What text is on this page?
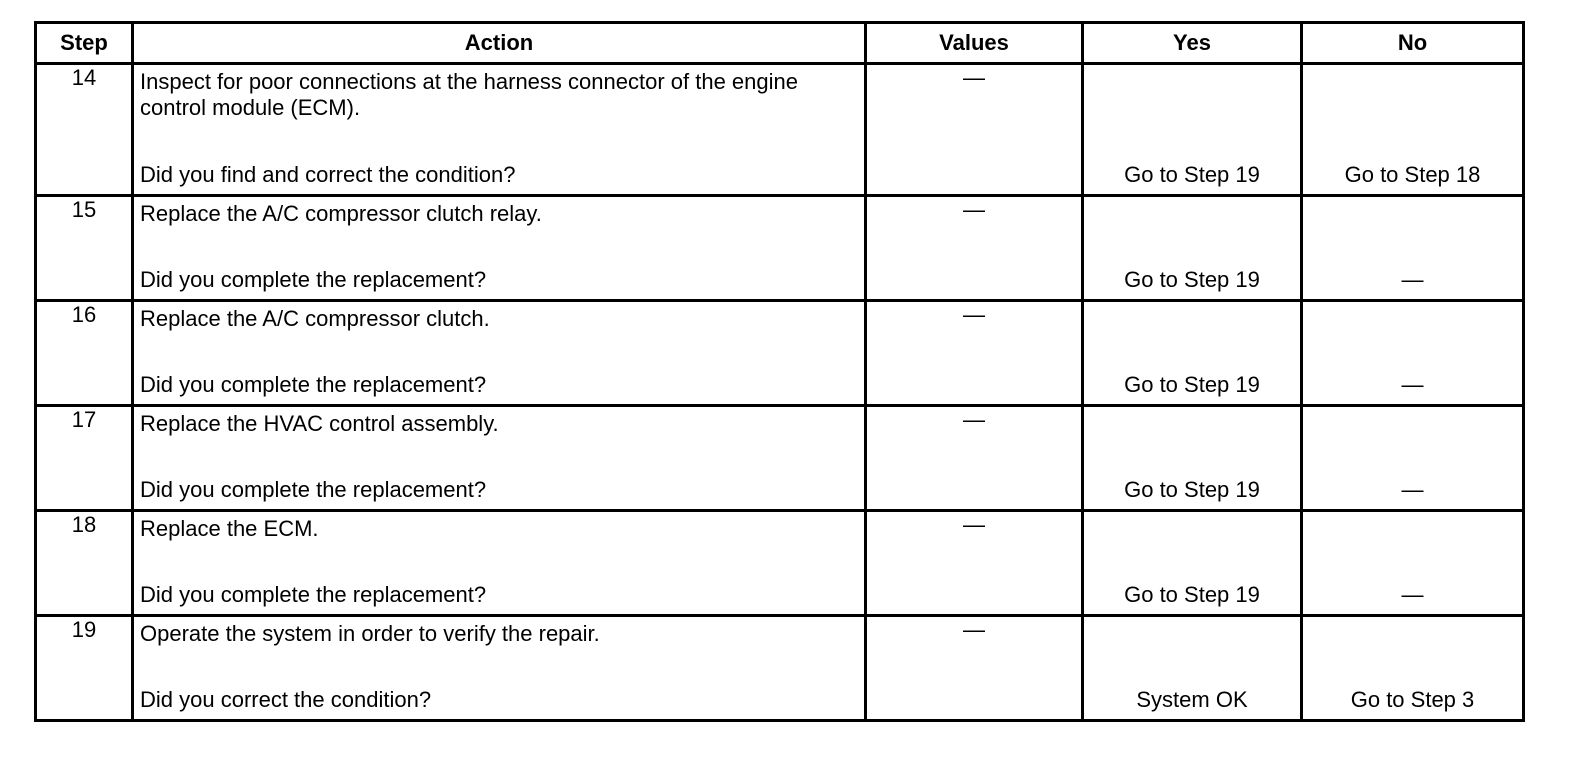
Step	Action	Values	Yes	No
14	Inspect for poor connections at the harness connector of the engine control module (ECM).
Did you find and correct the condition?	—	Go to Step 19	Go to Step 18

15	Replace the A/C compressor clutch relay.
Did you complete the replacement?	—	Go to Step 19	—

16	Replace the A/C compressor clutch.
Did you complete the replacement?	—	Go to Step 19	—

17	Replace the HVAC control assembly.
Did you complete the replacement?	—	Go to Step 19	—

18	Replace the ECM.
Did you complete the replacement?	—	Go to Step 19	—

19	Operate the system in order to verify the repair.
Did you correct the condition?	—	System OK	Go to Step 3
